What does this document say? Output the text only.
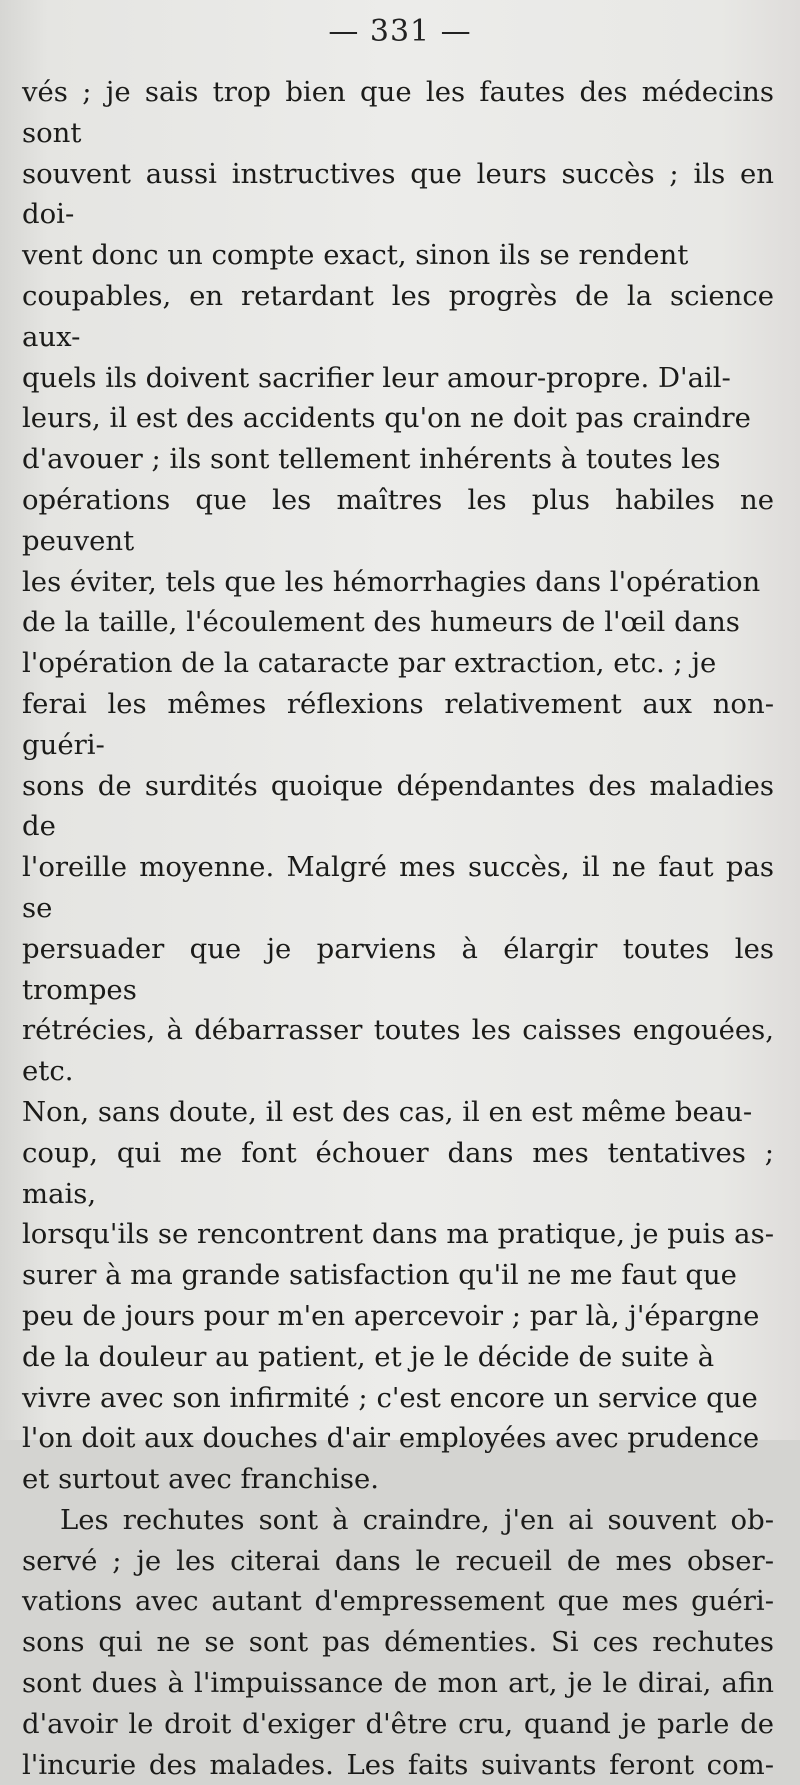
— 331 —

vés ; je sais trop bien que les fautes des médecins sont
souvent aussi instructives que leurs succès ; ils en doi-
vent donc un compte exact, sinon ils se rendent
coupables, en retardant les progrès de la science aux-
quels ils doivent sacrifier leur amour-propre. D'ail-
leurs, il est des accidents qu'on ne doit pas craindre
d'avouer ; ils sont tellement inhérents à toutes les
opérations que les maîtres les plus habiles ne peuvent
les éviter, tels que les hémorrhagies dans l'opération
de la taille, l'écoulement des humeurs de l'œil dans
l'opération de la cataracte par extraction, etc. ; je
ferai les mêmes réflexions relativement aux non-guéri-
sons de surdités quoique dépendantes des maladies de
l'oreille moyenne. Malgré mes succès, il ne faut pas se
persuader que je parviens à élargir toutes les trompes
rétrécies, à débarrasser toutes les caisses engouées, etc.
Non, sans doute, il est des cas, il en est même beau-
coup, qui me font échouer dans mes tentatives ; mais,
lorsqu'ils se rencontrent dans ma pratique, je puis as-
surer à ma grande satisfaction qu'il ne me faut que
peu de jours pour m'en apercevoir ; par là, j'épargne
de la douleur au patient, et je le décide de suite à
vivre avec son infirmité ; c'est encore un service que
l'on doit aux douches d'air employées avec prudence
et surtout avec franchise.

Les rechutes sont à craindre, j'en ai souvent ob-
servé ; je les citerai dans le recueil de mes obser-
vations avec autant d'empressement que mes guéri-
sons qui ne se sont pas démenties. Si ces rechutes
sont dues à l'impuissance de mon art, je le dirai, afin
d'avoir le droit d'exiger d'être cru, quand je parle de
l'incurie des malades. Les faits suivants feront com-
